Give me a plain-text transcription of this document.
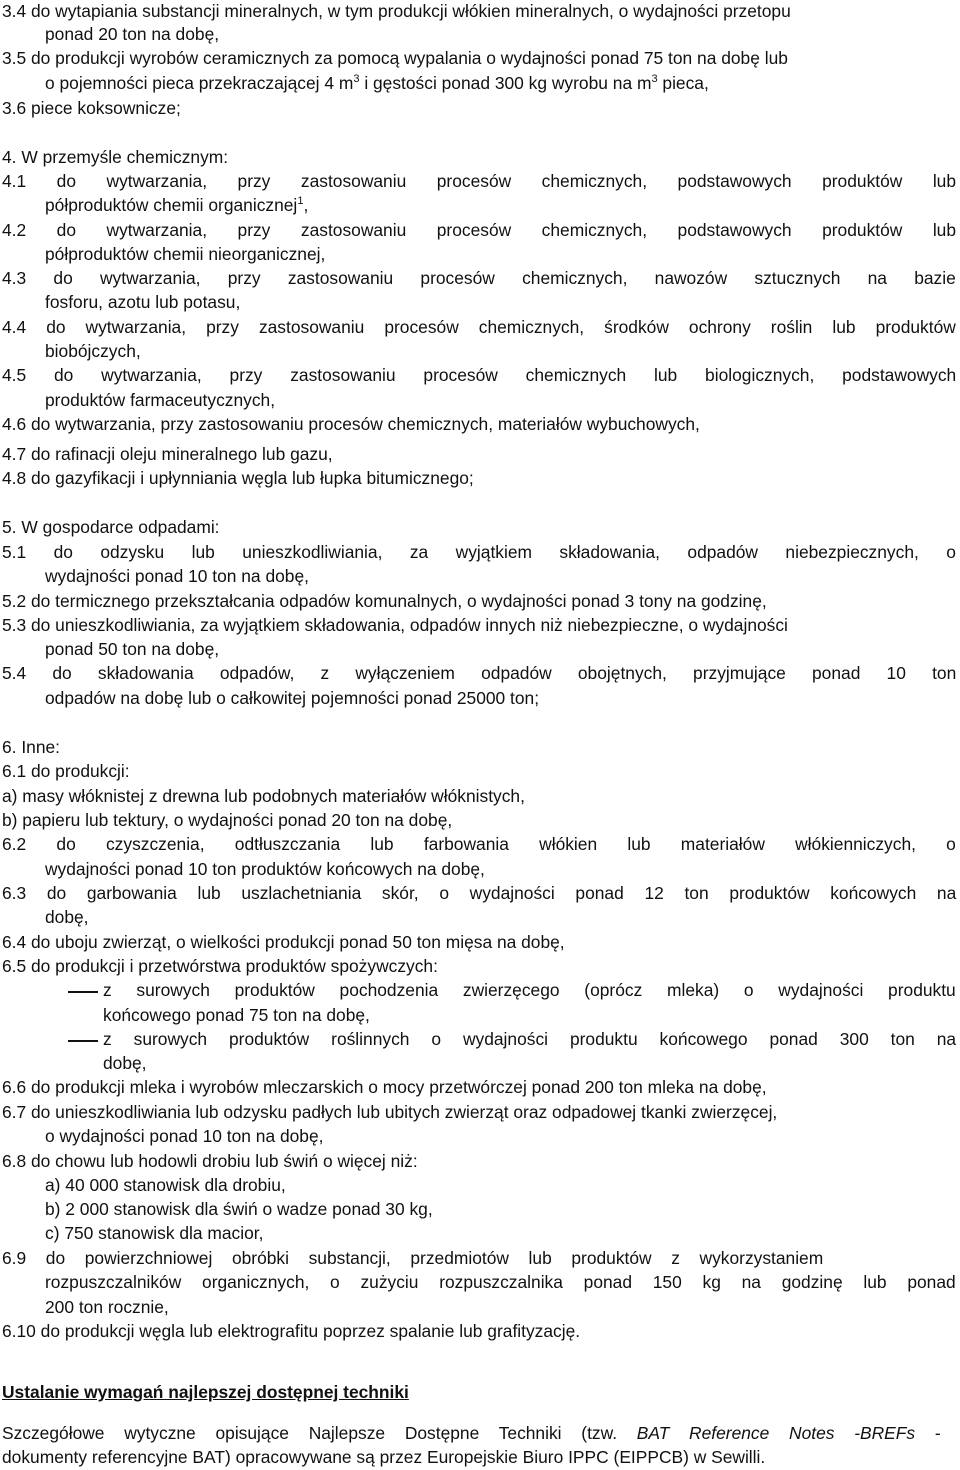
3.4 do wytapiania substancji mineralnych, w tym produkcji włókien mineralnych, o wydajności przetopu
ponad 20 ton na dobę,
3.5 do produkcji wyrobów ceramicznych za pomocą wypalania o wydajności ponad 75 ton na dobę lub
o pojemności pieca przekraczającej 4 $m^3$ i gęstości ponad 300 kg wyrobu na $m^3$ pieca,
3.6 piece koksownicze;
4. W przemyśle chemicznym:
4.1 do wytwarzania, przy zastosowaniu procesów chemicznych, podstawowych produktów lub
półproduktów chemii organicznej$^1$,
4.2 do wytwarzania, przy zastosowaniu procesów chemicznych, podstawowych produktów lub
półproduktów chemii nieorganicznej,
4.3 do wytwarzania, przy zastosowaniu procesów chemicznych, nawozów sztucznych na bazie
fosforu, azotu lub potasu,
4.4 do wytwarzania, przy zastosowaniu procesów chemicznych, środków ochrony roślin lub produktów
biobójczych,
4.5 do wytwarzania, przy zastosowaniu procesów chemicznych lub biologicznych, podstawowych
produktów farmaceutycznych,
4.6 do wytwarzania, przy zastosowaniu procesów chemicznych, materiałów wybuchowych,
4.7 do rafinacji oleju mineralnego lub gazu,
4.8 do gazyfikacji i upłynniania węgla lub łupka bitumicznego;
5. W gospodarce odpadami:
5.1 do odzysku lub unieszkodliwiania, za wyjątkiem składowania, odpadów niebezpiecznych, o
wydajności ponad 10 ton na dobę,
5.2 do termicznego przekształcania odpadów komunalnych, o wydajności ponad 3 tony na godzinę,
5.3 do unieszkodliwiania, za wyjątkiem składowania, odpadów innych niż niebezpieczne, o wydajności
ponad 50 ton na dobę,
5.4 do składowania odpadów, z wyłączeniem odpadów obojętnych, przyjmujące ponad 10 ton
odpadów na dobę lub o całkowitej pojemności ponad 25000 ton;
6. Inne:
6.1 do produkcji:
a) masy włóknistej z drewna lub podobnych materiałów włóknistych,
b) papieru lub tektury, o wydajności ponad 20 ton na dobę,
6.2 do czyszczenia, odtłuszczania lub farbowania włókien lub materiałów włókienniczych, o
wydajności ponad 10 ton produktów końcowych na dobę,
6.3 do garbowania lub uszlachetniania skór, o wydajności ponad 12 ton produktów końcowych na
dobę,
6.4 do uboju zwierząt, o wielkości produkcji ponad 50 ton mięsa na dobę,
6.5 do produkcji i przetwórstwa produktów spożywczych:
z surowych produktów pochodzenia zwierzęcego (oprócz mleka) o wydajności produktu
końcowego ponad 75 ton na dobę,
z surowych produktów roślinnych o wydajności produktu końcowego ponad 300 ton na
dobę,
6.6 do produkcji mleka i wyrobów mleczarskich o mocy przetwórczej ponad 200 ton mleka na dobę,
6.7 do unieszkodliwiania lub odzysku padłych lub ubitych zwierząt oraz odpadowej tkanki zwierzęcej,
o wydajności ponad 10 ton na dobę,
6.8 do chowu lub hodowli drobiu lub świń o więcej niż:
a) 40 000 stanowisk dla drobiu,
b) 2 000 stanowisk dla świń o wadze ponad 30 kg,
c) 750 stanowisk dla macior,
6.9 do powierzchniowej obróbki substancji, przedmiotów lub produktów z wykorzystaniem
rozpuszczalników organicznych, o zużyciu rozpuszczalnika ponad 150 kg na godzinę lub ponad
200 ton rocznie,
6.10 do produkcji węgla lub elektrografitu poprzez spalanie lub grafityzację.
Ustalanie wymagań najlepszej dostępnej techniki
Szczegółowe wytyczne opisujące Najlepsze Dostępne Techniki (tzw. BAT Reference Notes -BREFs -
dokumenty referencyjne BAT) opracowywane są przez Europejskie Biuro IPPC (EIPPCB) w Sewilli.
